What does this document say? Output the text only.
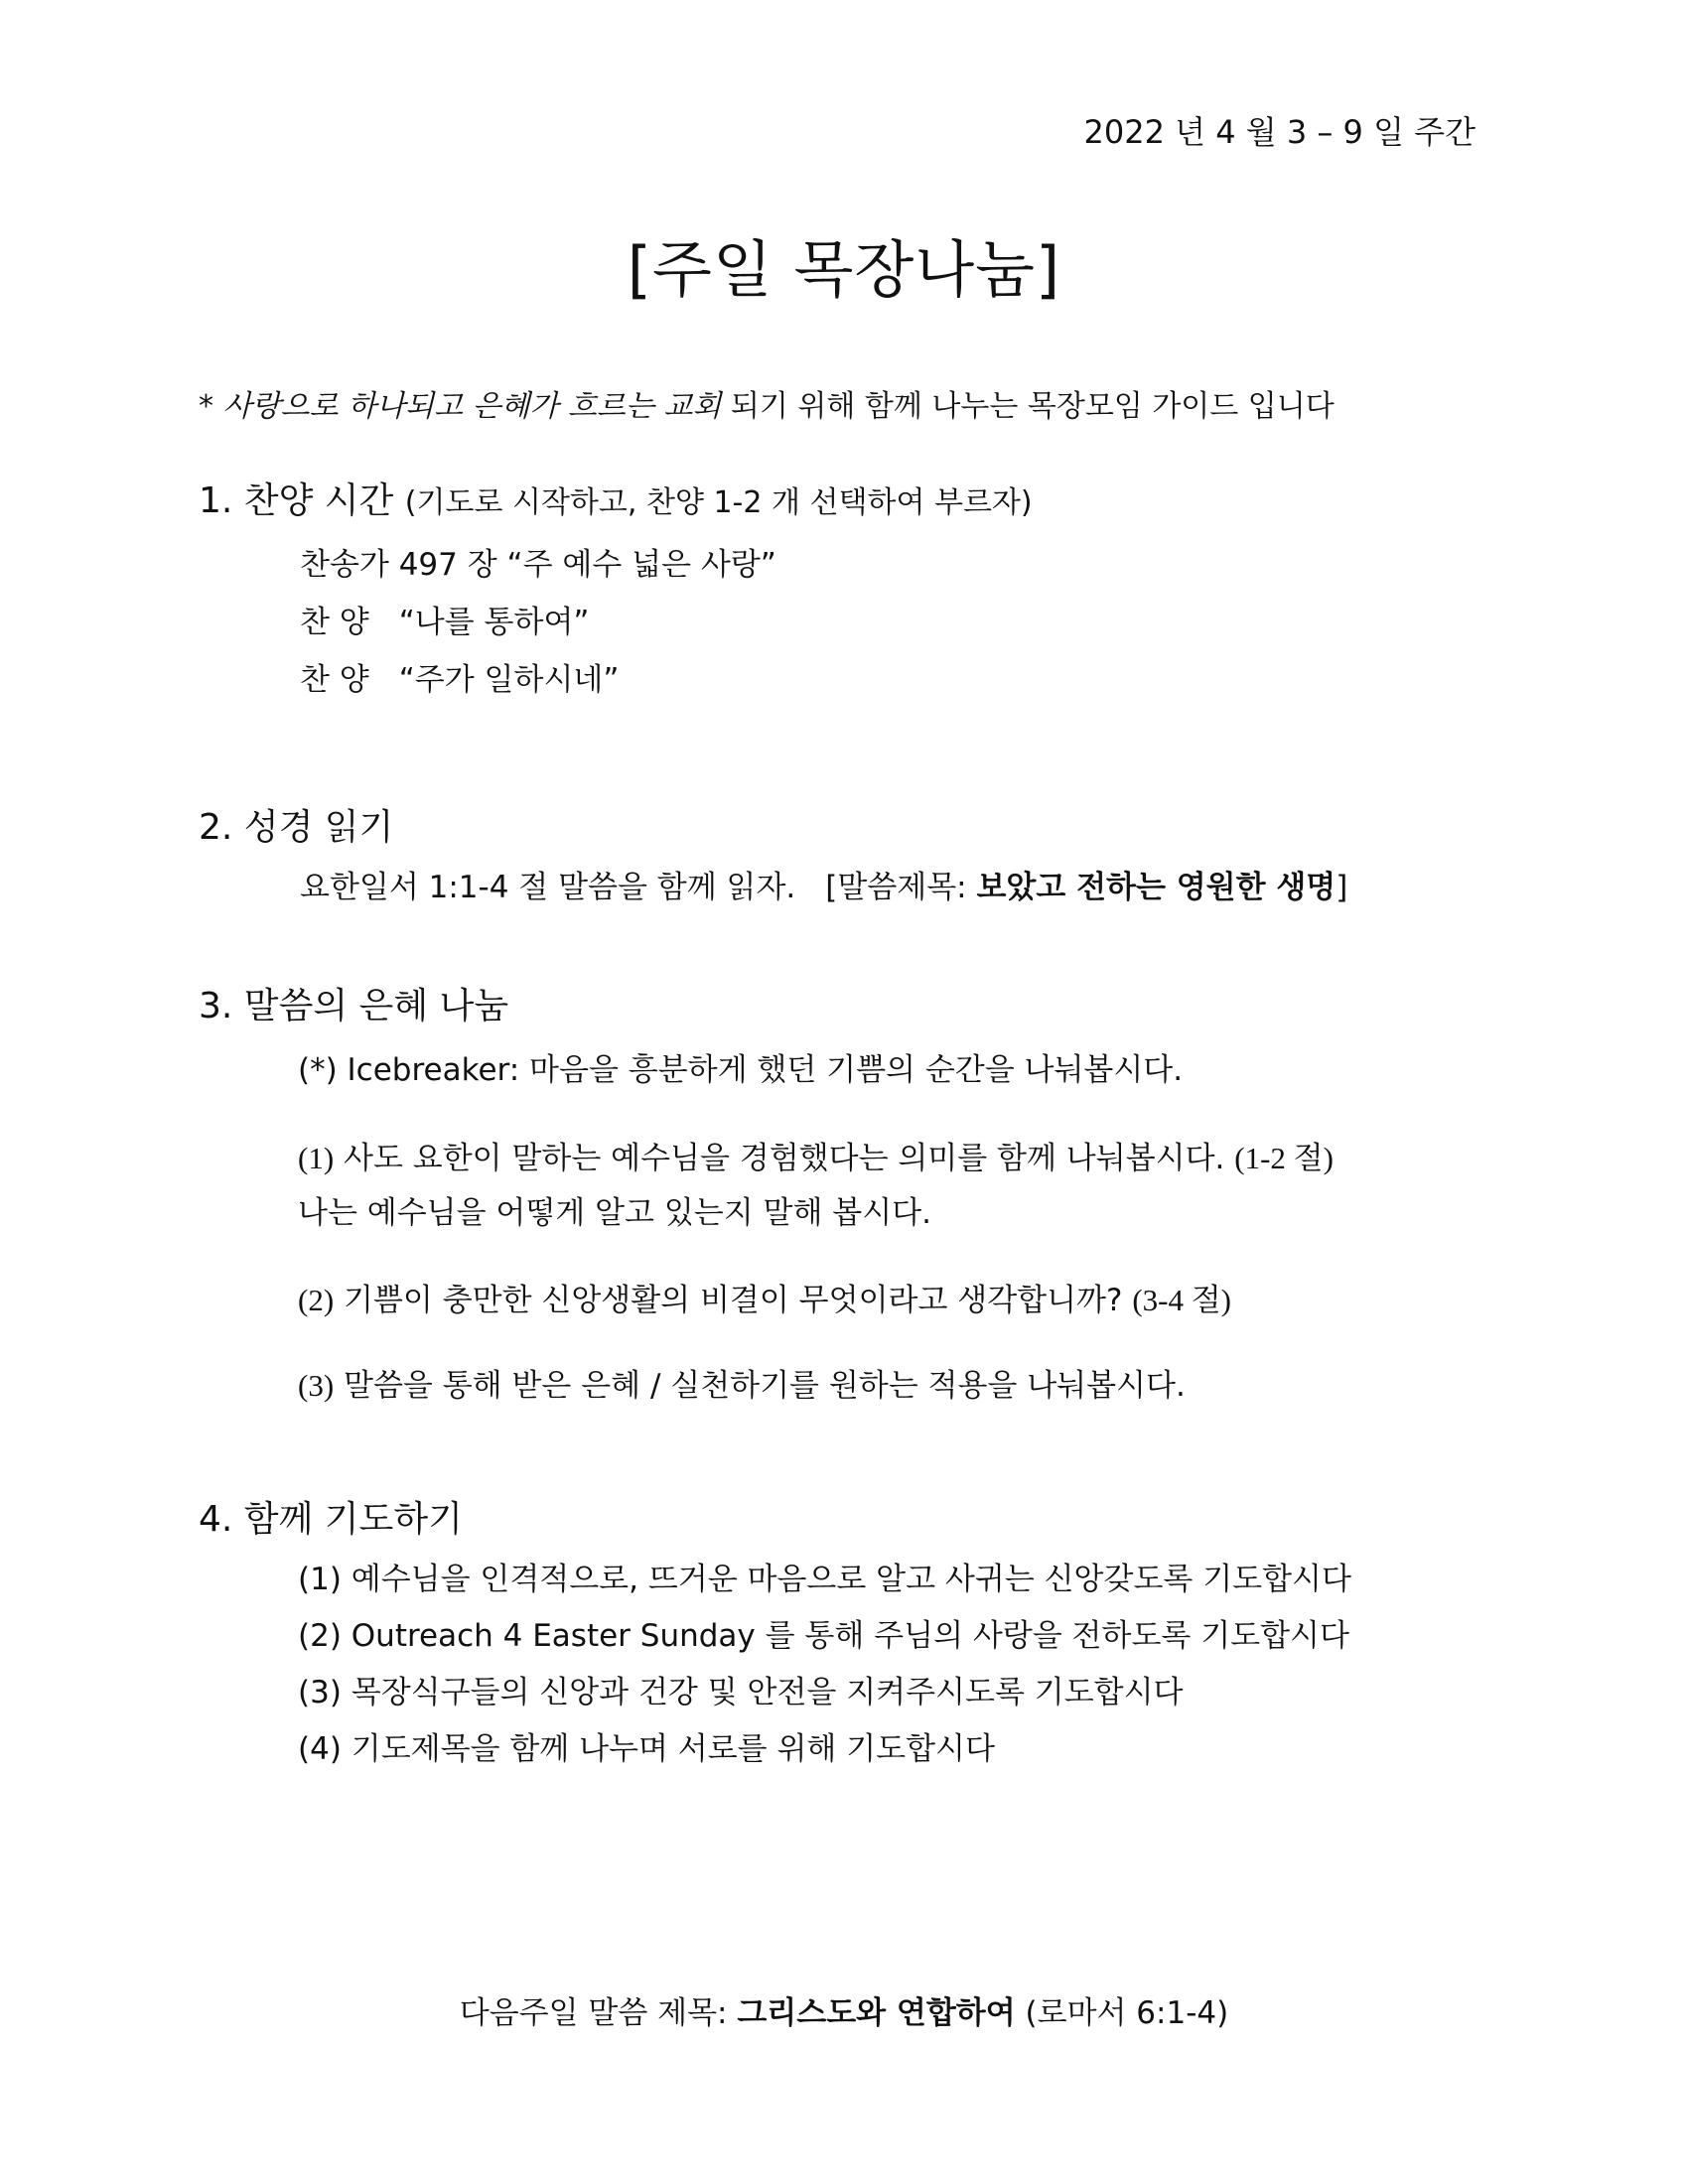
2022 년 4 월 3 – 9 일 주간
[주일 목장나눔]
* 사랑으로 하나되고 은혜가 흐르는 교회 되기 위해 함께 나누는 목장모임 가이드 입니다
1. 찬양 시간 (기도로 시작하고, 찬양 1-2 개 선택하여 부르자)
찬송가 497 장 “주 예수 넓은 사랑”
찬 양 “나를 통하여”
찬 양 “주가 일하시네”
2. 성경 읽기
요한일서 1:1-4 절 말씀을 함께 읽자. [말씀제목: 보았고 전하는 영원한 생명]
3. 말씀의 은혜 나눔
(*) Icebreaker: 마음을 흥분하게 했던 기쁨의 순간을 나눠봅시다.
(1) 사도 요한이 말하는 예수님을 경험했다는 의미를 함께 나눠봅시다. (1-2 절)
나는 예수님을 어떻게 알고 있는지 말해 봅시다.
(2) 기쁨이 충만한 신앙생활의 비결이 무엇이라고 생각합니까? (3-4 절)
(3) 말씀을 통해 받은 은혜 / 실천하기를 원하는 적용을 나눠봅시다.
4. 함께 기도하기
(1) 예수님을 인격적으로, 뜨거운 마음으로 알고 사귀는 신앙갖도록 기도합시다
(2) Outreach 4 Easter Sunday 를 통해 주님의 사랑을 전하도록 기도합시다
(3) 목장식구들의 신앙과 건강 및 안전을 지켜주시도록 기도합시다
(4) 기도제목을 함께 나누며 서로를 위해 기도합시다
다음주일 말씀 제목: 그리스도와 연합하여 (로마서 6:1-4)
